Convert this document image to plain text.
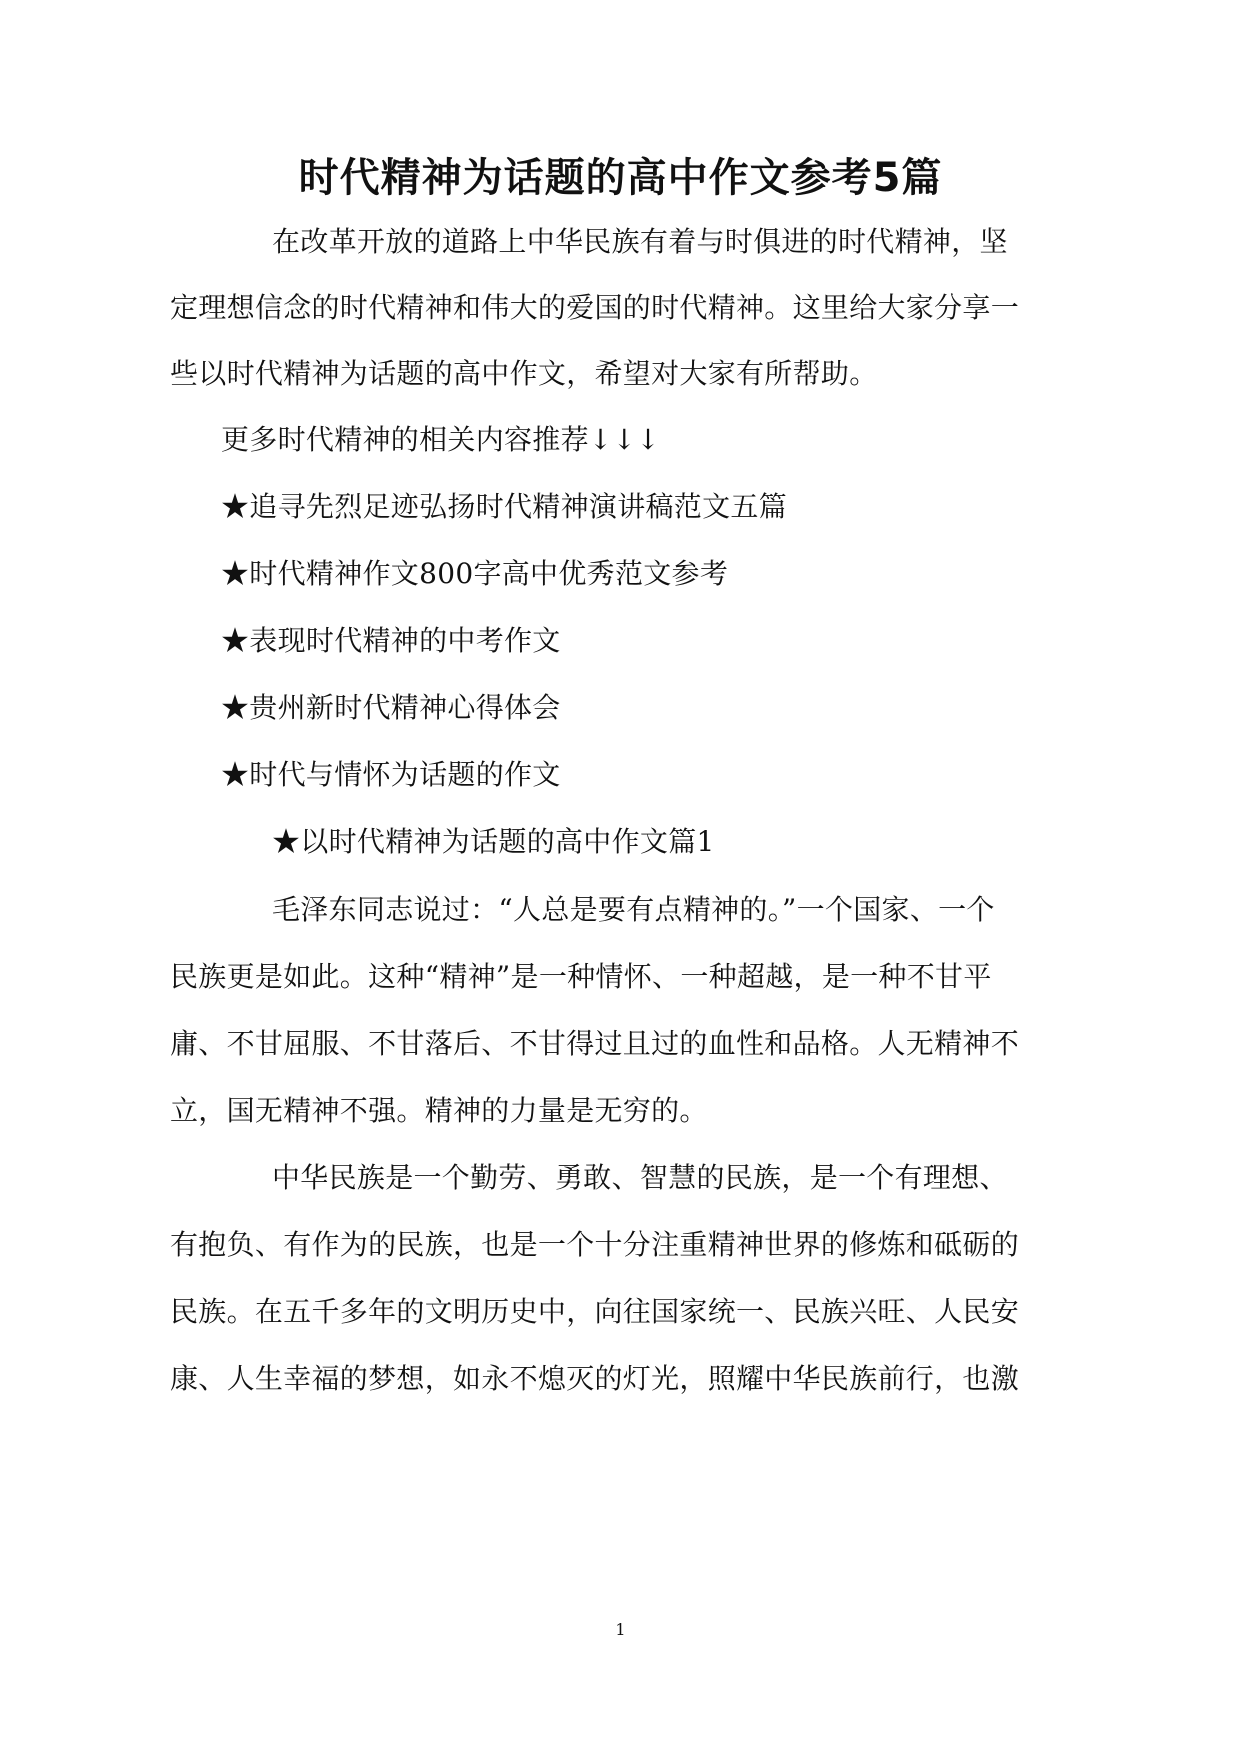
时代精神为话题的高中作文参考5篇
在改革开放的道路上中华民族有着与时俱进的时代精神，坚
定理想信念的时代精神和伟大的爱国的时代精神。这里给大家分享一
些以时代精神为话题的高中作文，希望对大家有所帮助。
更多时代精神的相关内容推荐↓↓↓
★追寻先烈足迹弘扬时代精神演讲稿范文五篇
★时代精神作文800字高中优秀范文参考
★表现时代精神的中考作文
★贵州新时代精神心得体会
★时代与情怀为话题的作文
★以时代精神为话题的高中作文篇1
毛泽东同志说过：“人总是要有点精神的。”一个国家、一个
民族更是如此。这种“精神”是一种情怀、一种超越，是一种不甘平
庸、不甘屈服、不甘落后、不甘得过且过的血性和品格。人无精神不
立，国无精神不强。精神的力量是无穷的。
中华民族是一个勤劳、勇敢、智慧的民族，是一个有理想、
有抱负、有作为的民族，也是一个十分注重精神世界的修炼和砥砺的
民族。在五千多年的文明历史中，向往国家统一、民族兴旺、人民安
康、人生幸福的梦想，如永不熄灭的灯光，照耀中华民族前行，也激
1
